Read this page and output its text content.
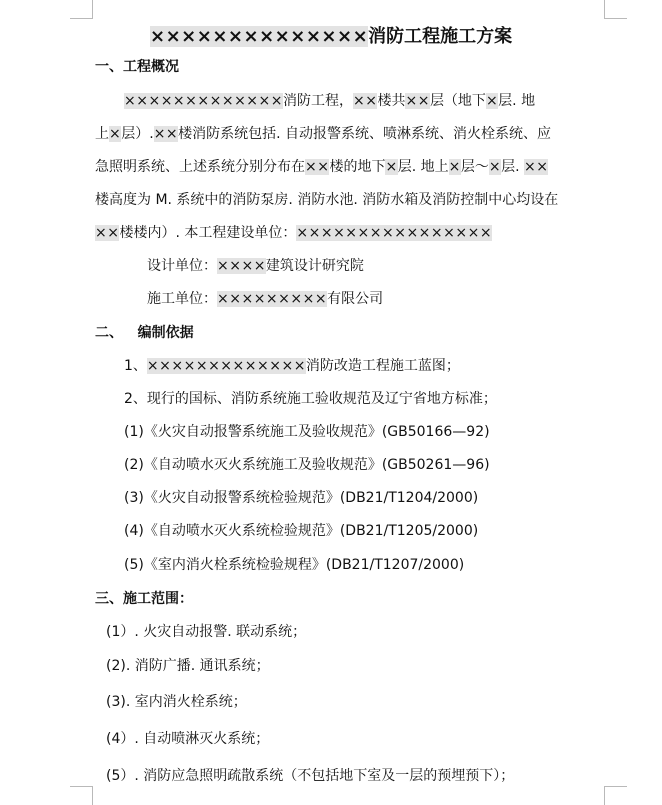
××××××××××××××消防工程施工方案
一、工程概况
×××××××××××××消防工程，××楼共××层（地下×层. 地
上×层）.××楼消防系统包括. 自动报警系统、喷淋系统、消火栓系统、应
急照明系统、上述系统分别分布在××楼的地下×层. 地上×层～×层. ××
楼高度为 M. 系统中的消防泵房. 消防水池. 消防水箱及消防控制中心均设在
××楼楼内）. 本工程建设单位：××××××××××××××××
设计单位：××××建筑设计研究院
施工单位：×××××××××有限公司
二、   编制依据
1、×××××××××××××消防改造工程施工蓝图；
2、现行的国标、消防系统施工验收规范及辽宁省地方标准；
(1)《火灾自动报警系统施工及验收规范》(GB50166—92)
(2)《自动喷水灭火系统施工及验收规范》(GB50261—96)
(3)《火灾自动报警系统检验规范》(DB21/T1204/2000)
(4)《自动喷水灭火系统检验规范》(DB21/T1205/2000)
(5)《室内消火栓系统检验规程》(DB21/T1207/2000)
三、施工范围：
(1）. 火灾自动报警. 联动系统；
(2). 消防广播. 通讯系统；
(3). 室内消火栓系统；
(4）. 自动喷淋灭火系统；
(5）. 消防应急照明疏散系统（不包括地下室及一层的预埋预下）；
